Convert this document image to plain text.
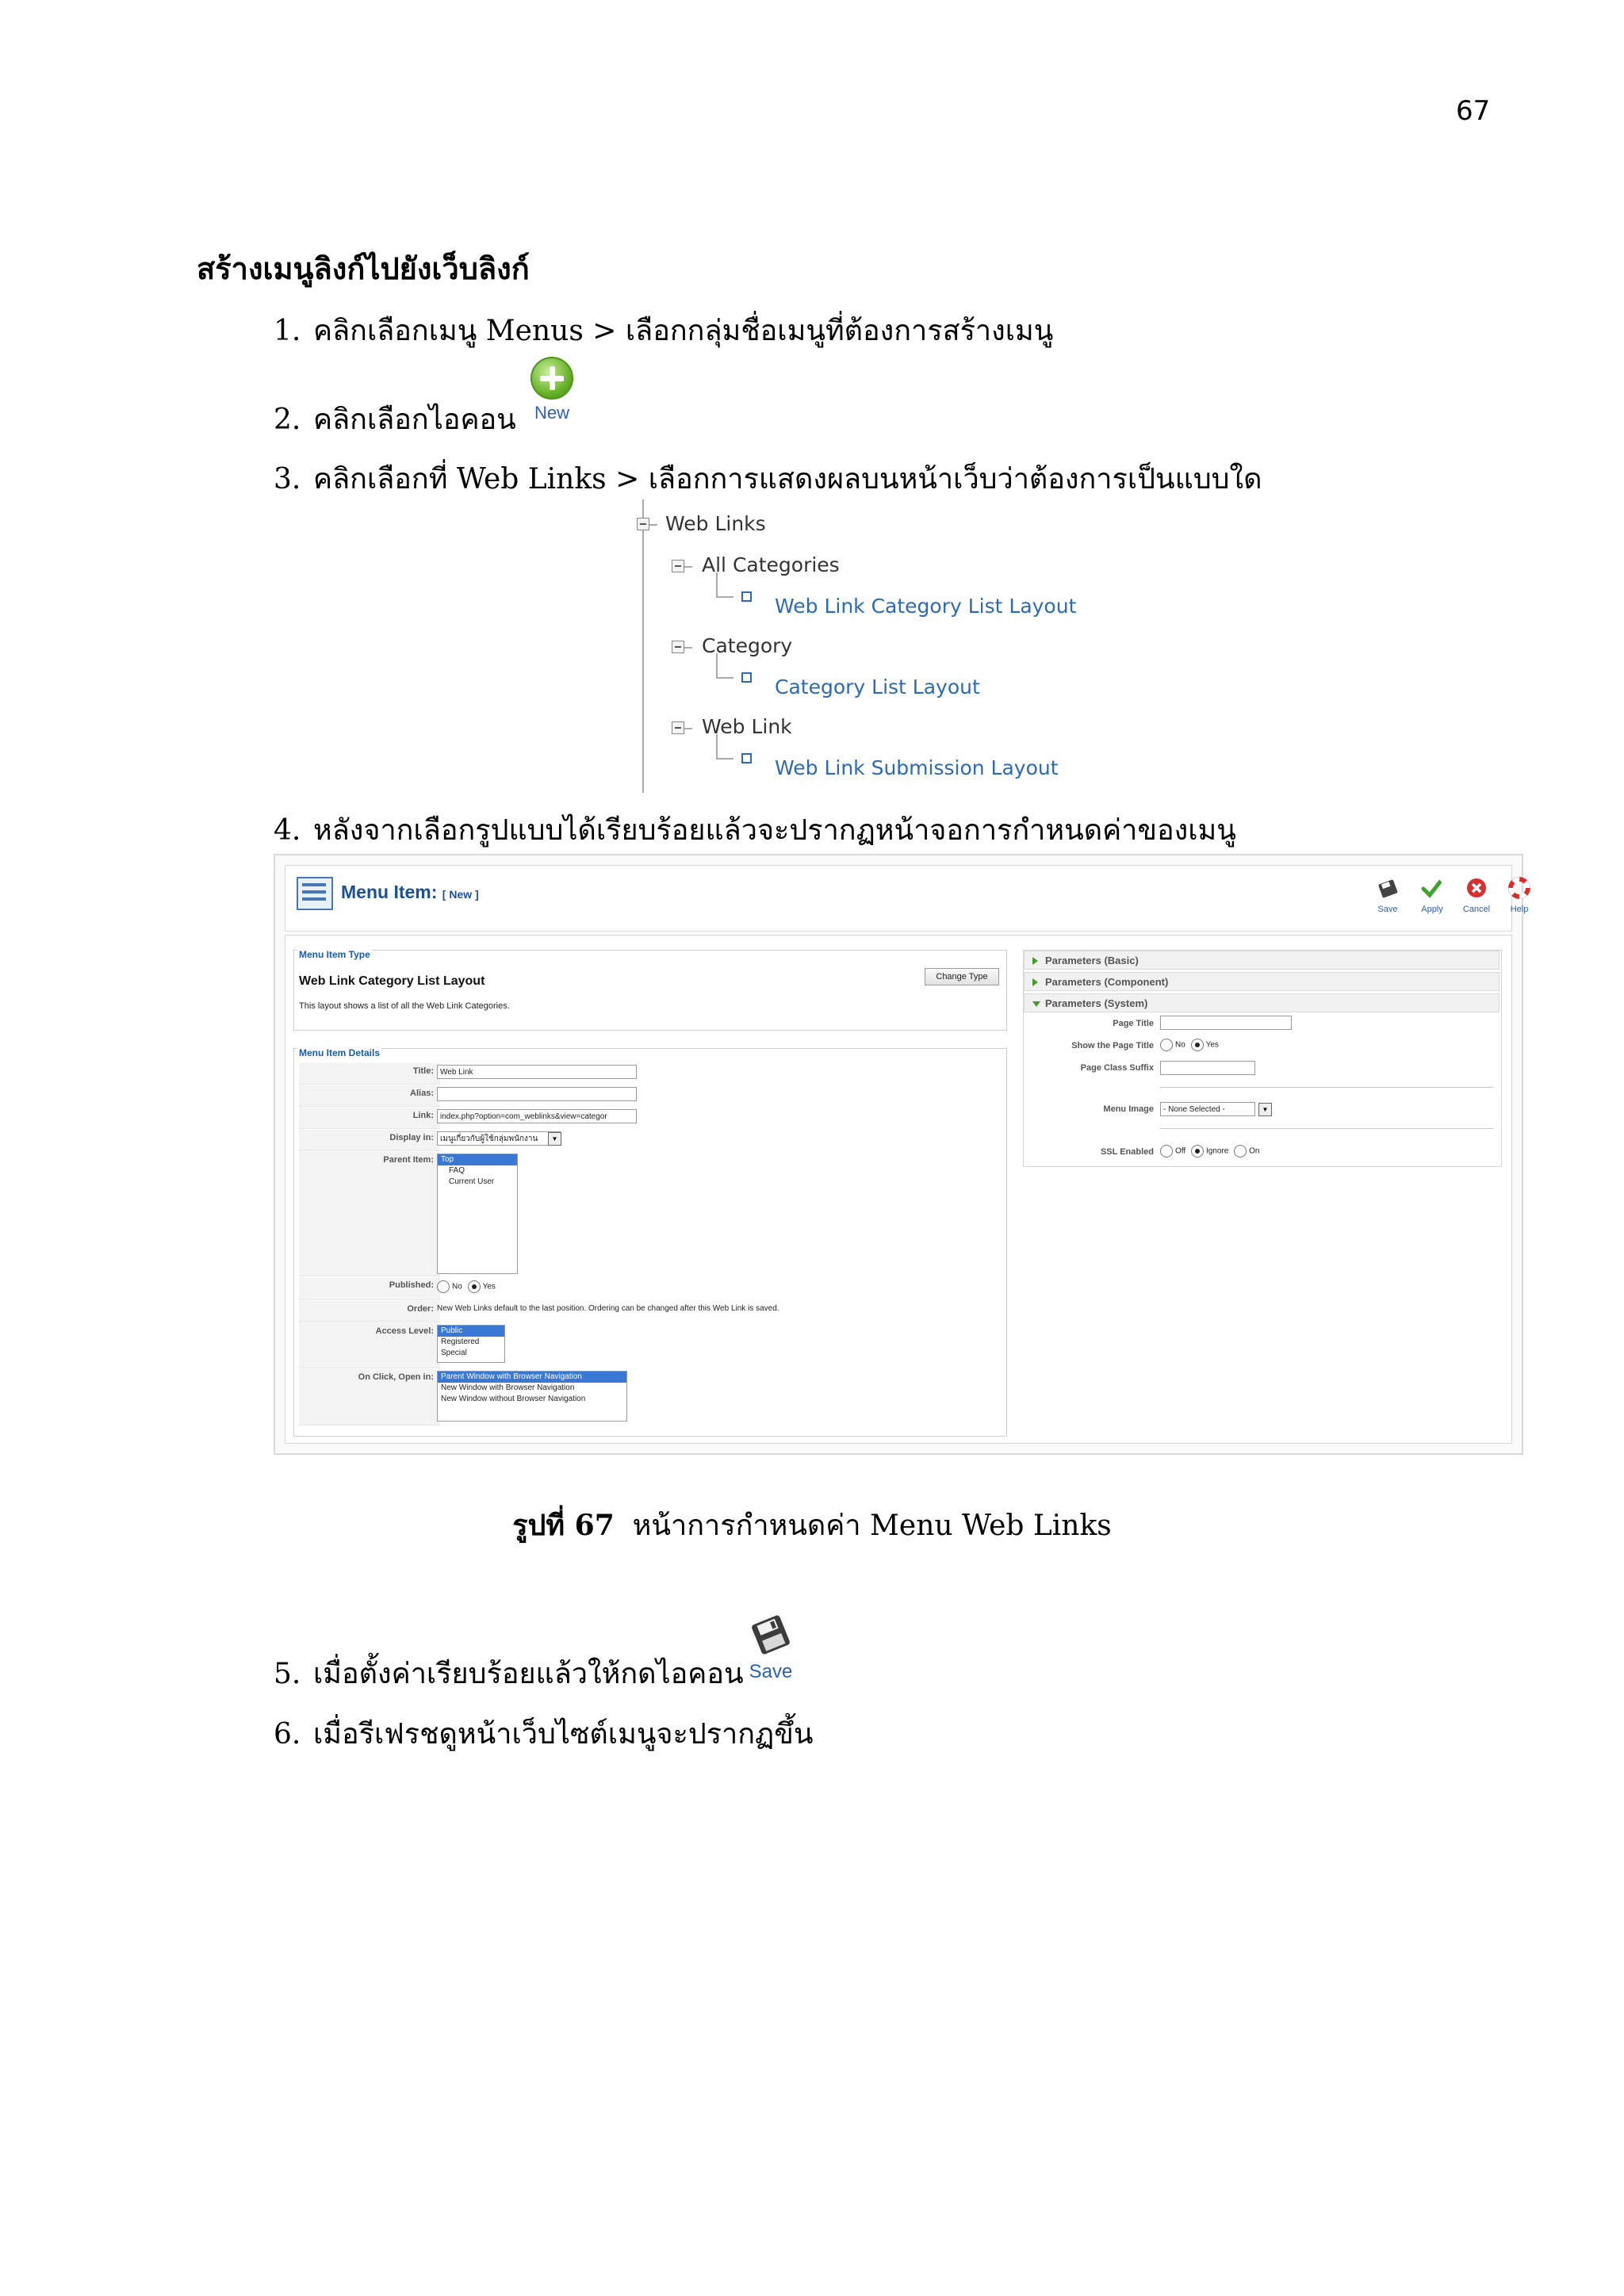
67
สร้างเมนูลิงก์ไปยังเว็บลิงก์
1. คลิกเลือกเมนู Menus > เลือกกลุ่มชื่อเมนูที่ต้องการสร้างเมนู
2. คลิกเลือกไอคอน	New
3. คลิกเลือกที่ Web Links > เลือกการแสดงผลบนหน้าเว็บว่าต้องการเป็นแบบใด
Web Links
All Categories
Web Link Category List Layout
Category
Category List Layout
Web Link
Web Link Submission Layout
4. หลังจากเลือกรูปแบบได้เรียบร้อยแล้วจะปรากฏหน้าจอการกำหนดค่าของเมนู
Menu Item: [ New ]
Save	Apply	Cancel	Help
Menu Item Type
Web Link Category List Layout
This layout shows a list of all the Web Link Categories.
Change Type
Menu Item Details
Title: Web Link
Alias:
Link: index.php?option=com_weblinks&view=categor
Display in: เมนูเกี่ยวกับผู้ใช้กลุ่มพนักงาน	▼
Parent Item: Top
FAQ
Current User
Published:	No	Yes
Order: New Web Links default to the last position. Ordering can be changed after this Web Link is saved.
Access Level: Public
Registered
Special
On Click, Open in: Parent Window with Browser Navigation
New Window with Browser Navigation
New Window without Browser Navigation
Parameters (Basic)
Parameters (Component)
Parameters (System)
Page Title
Show the Page Title	No	Yes
Page Class Suffix
Menu Image	- None Selected -	▼
SSL Enabled	Off	Ignore	On
รูปที่ 67 หน้าการกำหนดค่า Menu Web Links
5. เมื่อตั้งค่าเรียบร้อยแล้วให้กดไอคอน Save
6. เมื่อรีเฟรชดูหน้าเว็บไซต์เมนูจะปรากฏขึ้น
